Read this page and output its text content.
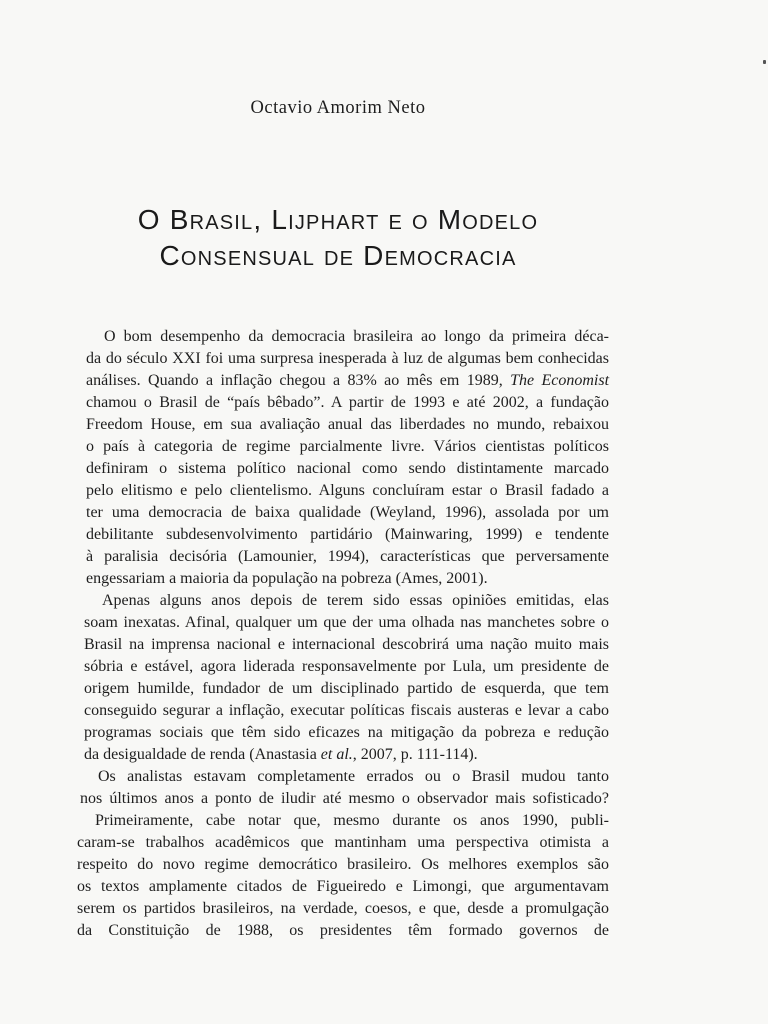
Octavio Amorim Neto
O Brasil, Lijphart e o Modelo
Consensual de Democracia
O bom desempenho da democracia brasileira ao longo da primeira déca-
da do século XXI foi uma surpresa inesperada à luz de algumas bem conhecidas
análises. Quando a inflação chegou a 83% ao mês em 1989, The Economist
chamou o Brasil de “país bêbado”. A partir de 1993 e até 2002, a fundação
Freedom House, em sua avaliação anual das liberdades no mundo, rebaixou
o país à categoria de regime parcialmente livre. Vários cientistas políticos
definiram o sistema político nacional como sendo distintamente marcado
pelo elitismo e pelo clientelismo. Alguns concluíram estar o Brasil fadado a
ter uma democracia de baixa qualidade (Weyland, 1996), assolada por um
debilitante subdesenvolvimento partidário (Mainwaring, 1999) e tendente
à paralisia decisória (Lamounier, 1994), características que perversamente
engessariam a maioria da população na pobreza (Ames, 2001).
Apenas alguns anos depois de terem sido essas opiniões emitidas, elas
soam inexatas. Afinal, qualquer um que der uma olhada nas manchetes sobre o
Brasil na imprensa nacional e internacional descobrirá uma nação muito mais
sóbria e estável, agora liderada responsavelmente por Lula, um presidente de
origem humilde, fundador de um disciplinado partido de esquerda, que tem
conseguido segurar a inflação, executar políticas fiscais austeras e levar a cabo
programas sociais que têm sido eficazes na mitigação da pobreza e redução
da desigualdade de renda (Anastasia et al., 2007, p. 111-114).
Os analistas estavam completamente errados ou o Brasil mudou tanto
nos últimos anos a ponto de iludir até mesmo o observador mais sofisticado?
Primeiramente, cabe notar que, mesmo durante os anos 1990, publi-
caram-se trabalhos acadêmicos que mantinham uma perspectiva otimista a
respeito do novo regime democrático brasileiro. Os melhores exemplos são
os textos amplamente citados de Figueiredo e Limongi, que argumentavam
serem os partidos brasileiros, na verdade, coesos, e que, desde a promulgação
da Constituição de 1988, os presidentes têm formado governos de
